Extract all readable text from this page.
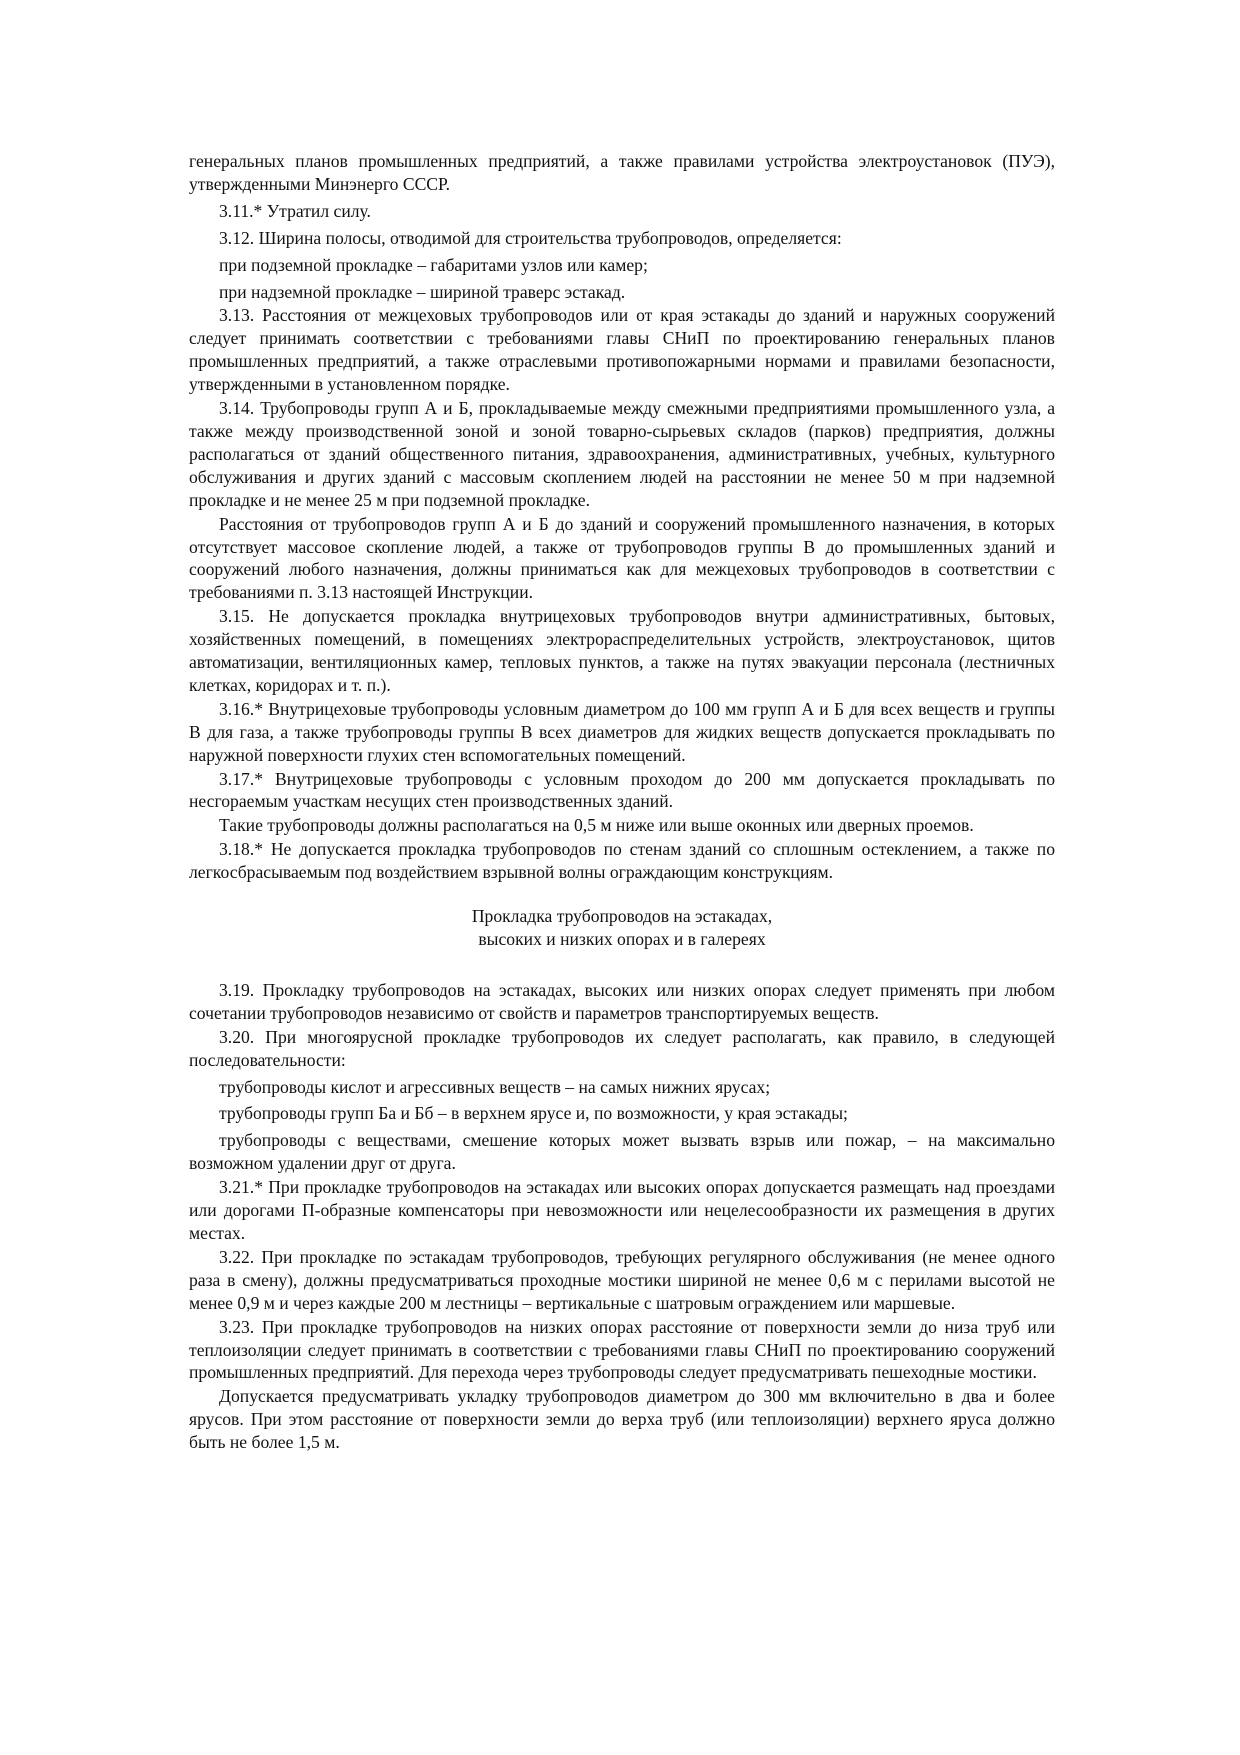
генеральных планов промышленных предприятий, а также правилами устройства электроустановок (ПУЭ), утвержденными Минэнерго СССР.

3.11.* Утратил силу.

3.12. Ширина полосы, отводимой для строительства трубопроводов, определяется:

при подземной прокладке – габаритами узлов или камер;

при надземной прокладке – шириной траверс эстакад.

3.13. Расстояния от межцеховых трубопроводов или от края эстакады до зданий и наружных сооружений следует принимать соответствии с требованиями главы СНиП по проектированию генеральных планов промышленных предприятий, а также отраслевыми противопожарными нормами и правилами безопасности, утвержденными в установленном порядке.

3.14. Трубопроводы групп А и Б, прокладываемые между смежными предприятиями промышленного узла, а также между производственной зоной и зоной товарно-сырьевых складов (парков) предприятия, должны располагаться от зданий общественного питания, здравоохранения, административных, учебных, культурного обслуживания и других зданий с массовым скоплением людей на расстоянии не менее 50 м при надземной прокладке и не менее 25 м при подземной прокладке.

Расстояния от трубопроводов групп А и Б до зданий и сооружений промышленного назначения, в которых отсутствует массовое скопление людей, а также от трубопроводов группы В до промышленных зданий и сооружений любого назначения, должны приниматься как для межцеховых трубопроводов в соответствии с требованиями п. 3.13 настоящей Инструкции.

3.15. Не допускается прокладка внутрицеховых трубопроводов внутри административных, бытовых, хозяйственных помещений, в помещениях электрораспределительных устройств, электроустановок, щитов автоматизации, вентиляционных камер, тепловых пунктов, а также на путях эвакуации персонала (лестничных клетках, коридорах и т. п.).

3.16.* Внутрицеховые трубопроводы условным диаметром до 100 мм групп А и Б для всех веществ и группы В для газа, а также трубопроводы группы В всех диаметров для жидких веществ допускается прокладывать по наружной поверхности глухих стен вспомогательных помещений.

3.17.* Внутрицеховые трубопроводы с условным проходом до 200 мм допускается прокладывать по несгораемым участкам несущих стен производственных зданий.

Такие трубопроводы должны располагаться на 0,5 м ниже или выше оконных или дверных проемов.

3.18.* Не допускается прокладка трубопроводов по стенам зданий со сплошным остеклением, а также по легкосбрасываемым под воздействием взрывной волны ограждающим конструкциям.

Прокладка трубопроводов на эстакадах,
высоких и низких опорах и в галереях

3.19. Прокладку трубопроводов на эстакадах, высоких или низких опорах следует применять при любом сочетании трубопроводов независимо от свойств и параметров транспортируемых веществ.

3.20. При многоярусной прокладке трубопроводов их следует располагать, как правило, в следующей последовательности:

трубопроводы кислот и агрессивных веществ – на самых нижних ярусах;

трубопроводы групп Ба и Бб – в верхнем ярусе и, по возможности, у края эстакады;

трубопроводы с веществами, смешение которых может вызвать взрыв или пожар, – на максимально возможном удалении друг от друга.

3.21.* При прокладке трубопроводов на эстакадах или высоких опорах допускается размещать над проездами или дорогами П-образные компенсаторы при невозможности или нецелесообразности их размещения в других местах.

3.22. При прокладке по эстакадам трубопроводов, требующих регулярного обслуживания (не менее одного раза в смену), должны предусматриваться проходные мостики шириной не менее 0,6 м с перилами высотой не менее 0,9 м и через каждые 200 м лестницы – вертикальные с шатровым ограждением или маршевые.

3.23. При прокладке трубопроводов на низких опорах расстояние от поверхности земли до низа труб или теплоизоляции следует принимать в соответствии с требованиями главы СНиП по проектированию сооружений промышленных предприятий. Для перехода через трубопроводы следует предусматривать пешеходные мостики.

Допускается предусматривать укладку трубопроводов диаметром до 300 мм включительно в два и более ярусов. При этом расстояние от поверхности земли до верха труб (или теплоизоляции) верхнего яруса должно быть не более 1,5 м.
